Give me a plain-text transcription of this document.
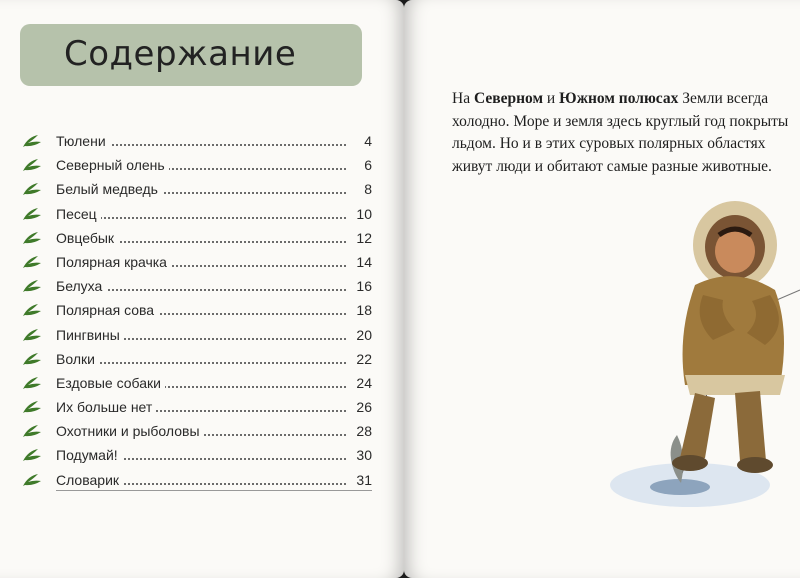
Содержание
Тюлени	4
Северный олень	6
Белый медведь	8
Песец	10
Овцебык	12
Полярная крачка	14
Белуха	16
Полярная сова	18
Пингвины	20
Волки	22
Ездовые собаки	24
Их больше нет	26
Охотники и рыболовы	28
Подумай!	30
Словарик	31

На Северном и Южном полюсах Земли всегда холодно. Море и земля здесь круглый год покрыты льдом. Но и в этих суровых полярных областях живут люди и обитают самые разные животные.
